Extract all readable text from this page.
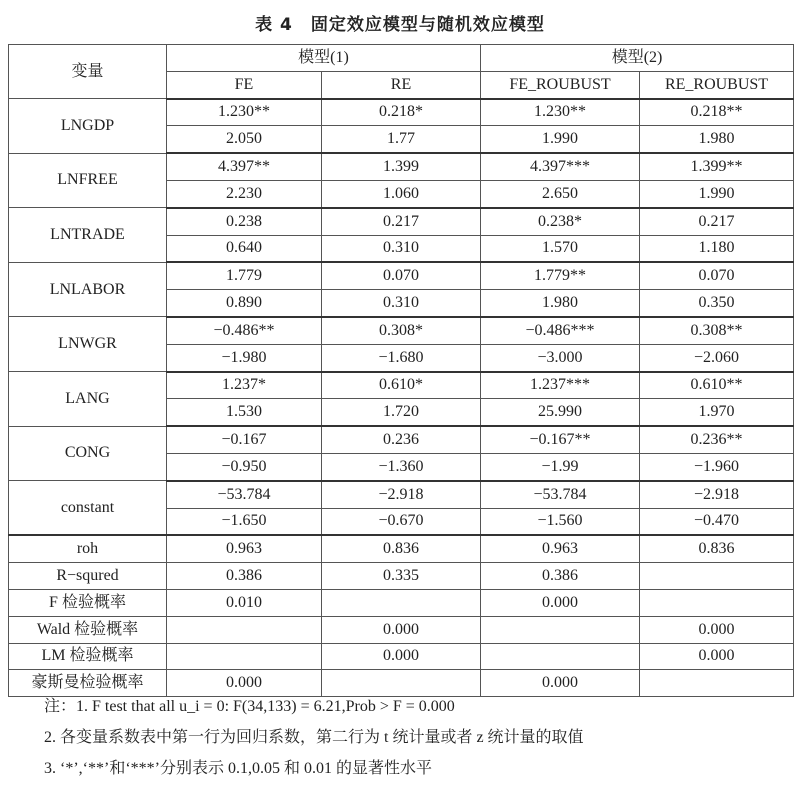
表 4　固定效应模型与随机效应模型
变量	模型(1)		模型(2)	
	FE	RE	FE_ROUBUST	RE_ROUBUST
LNGDP	1.230**	0.218*	1.230**	0.218**
	2.050	1.77	1.990	1.980
LNFREE	4.397**	1.399	4.397***	1.399**
	2.230	1.060	2.650	1.990
LNTRADE	0.238	0.217	0.238*	0.217
	0.640	0.310	1.570	1.180
LNLABOR	1.779	0.070	1.779**	0.070
	0.890	0.310	1.980	0.350
LNWGR	−0.486**	0.308*	−0.486***	0.308**
	−1.980	−1.680	−3.000	−2.060
LANG	1.237*	0.610*	1.237***	0.610**
	1.530	1.720	25.990	1.970
CONG	−0.167	0.236	−0.167**	0.236**
	−0.950	−1.360	−1.99	−1.960
constant	−53.784	−2.918	−53.784	−2.918
	−1.650	−0.670	−1.560	−0.470
roh	0.963	0.836	0.963	0.836
R−squred	0.386	0.335	0.386	
F 检验概率	0.010		0.000	
Wald 检验概率		0.000		0.000
LM 检验概率		0.000		0.000
豪斯曼检验概率	0.000		0.000	
注：1. F test that all u_i = 0: F(34,133) = 6.21,Prob > F = 0.000
2. 各变量系数表中第一行为回归系数，第二行为 t 统计量或者 z 统计量的取值
3. ‘*’,‘**’和‘***’分别表示 0.1,0.05 和 0.01 的显著性水平
